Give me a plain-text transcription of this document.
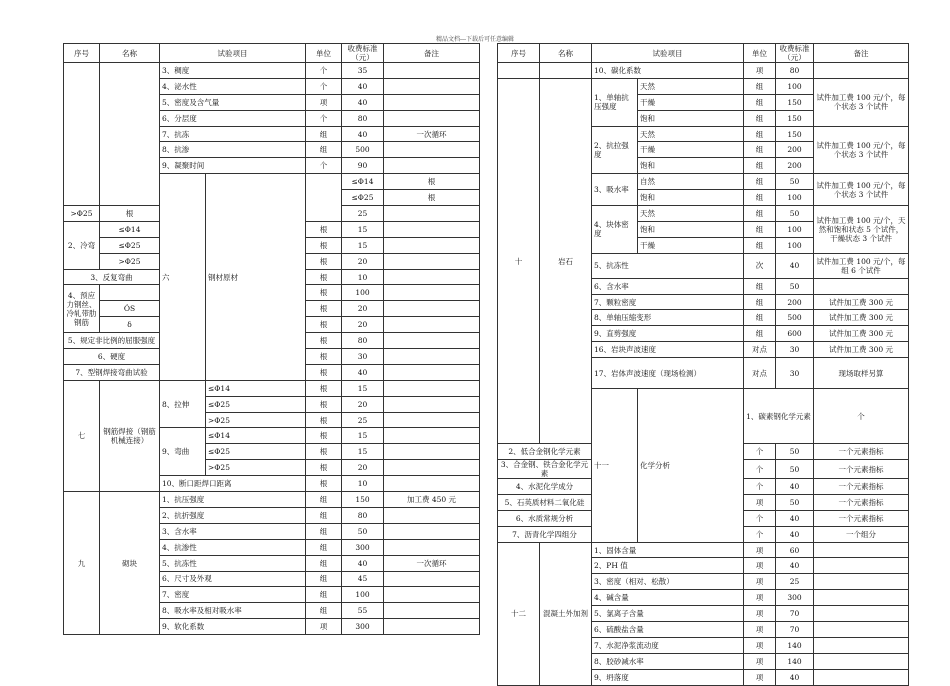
精品文档---下载后可任意编辑
序号	名称	试验项目		单位	收费标准
（元）	备注	
		3、稠度		个	35		
		4、泌水性		个	40		
		5、密度及含气量		项	40		
		6、分层度		个	80		
		7、抗冻		组	40	一次循环	
		8、抗渗		组	500		
		9、凝聚时间		个	90		
		六	钢材原材		≤Φ14	根		
					≤Φ25	根		
>Φ25	根				25		
2、冷弯	≤Φ14			根	15		
	≤Φ25			根	15		
	>Φ25			根	20		
3、反复弯曲				根	10		
4、预应力钢丝、冷轧带肋钢筋				根	100		
	ÓS			根	20		
	δ			根	20		
5、规定非比例的屈服强度				根	80		
6、硬度				根	30		
7、型钢焊接弯曲试验				根	40		
七	钢筋焊接（钢筋机械连接）	8、拉伸	≤Φ14	根	15		
			≤Φ25	根	20		
			>Φ25	根	25		
		9、弯曲	≤Φ14	根	15		
			≤Φ25	根	15		
			>Φ25	根	20		
		10、断口距焊口距离		根	10		
九	砌块	1、抗压强度		组	150	加工费 450 元	
		2、抗折强度		组	80		
		3、含水率		组	50		
		4、抗渗性		组	300		
		5、抗冻性		组	40	一次循环	
		6、尺寸及外观		组	45		
		7、密度		组	100		
		8、吸水率及相对吸水率		组	55		
		9、软化系数		项	300		
序号	名称	试验项目		单位	收费标准
（元）	备注	
		10、碳化系数		项	80		
十	岩石	1、单轴抗压强度	天然	组	100	试件加工费 100 元/个，每个状态 3 个试件	
			干燥	组	150		
			饱和	组	150		
		2、抗拉强度	天然	组	150	试件加工费 100 元/个，每个状态 3 个试件	
			干燥	组	200		
			饱和	组	200		
		3、吸水率	自然	组	50	试件加工费 100 元/个，每个状态 3 个试件	
			饱和	组	100		
		4、块体密度	天然	组	50	试件加工费 100 元/个，天然和饱和状态 5 个试件，干燥状态 3 个试件	
			饱和	组	100		
			干燥	组	100		
		5、抗冻性		次	40	试件加工费 100 元/个，每组 6 个试件	
		6、含水率		组	50		
		7、颗粒密度		组	200	试件加工费 300 元	
		8、单轴压缩变形		组	500	试件加工费 300 元	
		9、直剪强度		组	600	试件加工费 300 元	
		16、岩块声波速度		对点	30	试件加工费 300 元	
		17、岩体声波速度（现场检测）		对点	30	现场取样另算	
		十一	化学分析	1、碳素钢化学元素		个		
2、低合金钢化学元素				个	50	一个元素指标	
3、合金钢、铁合金化学元素				个	50	一个元素指标	
4、水泥化学成分				个	40	一个元素指标	
5、石英质材料二氧化硅				项	50	一个元素指标	
6、水质常规分析				个	40	一个元素指标	
7、沥青化学四组分				个	40	一个组分	
十二	混凝土外加剂	1、固体含量		项	60		
		2、PH 值		项	40		
		3、密度（相对、松散）		项	25		
		4、碱含量		项	300		
		5、氯离子含量		项	70		
		6、硫酸盐含量		项	70		
		7、水泥净浆流动度		项	140		
		8、胶砂减水率		项	140		
		9、坍落度		项	40		
